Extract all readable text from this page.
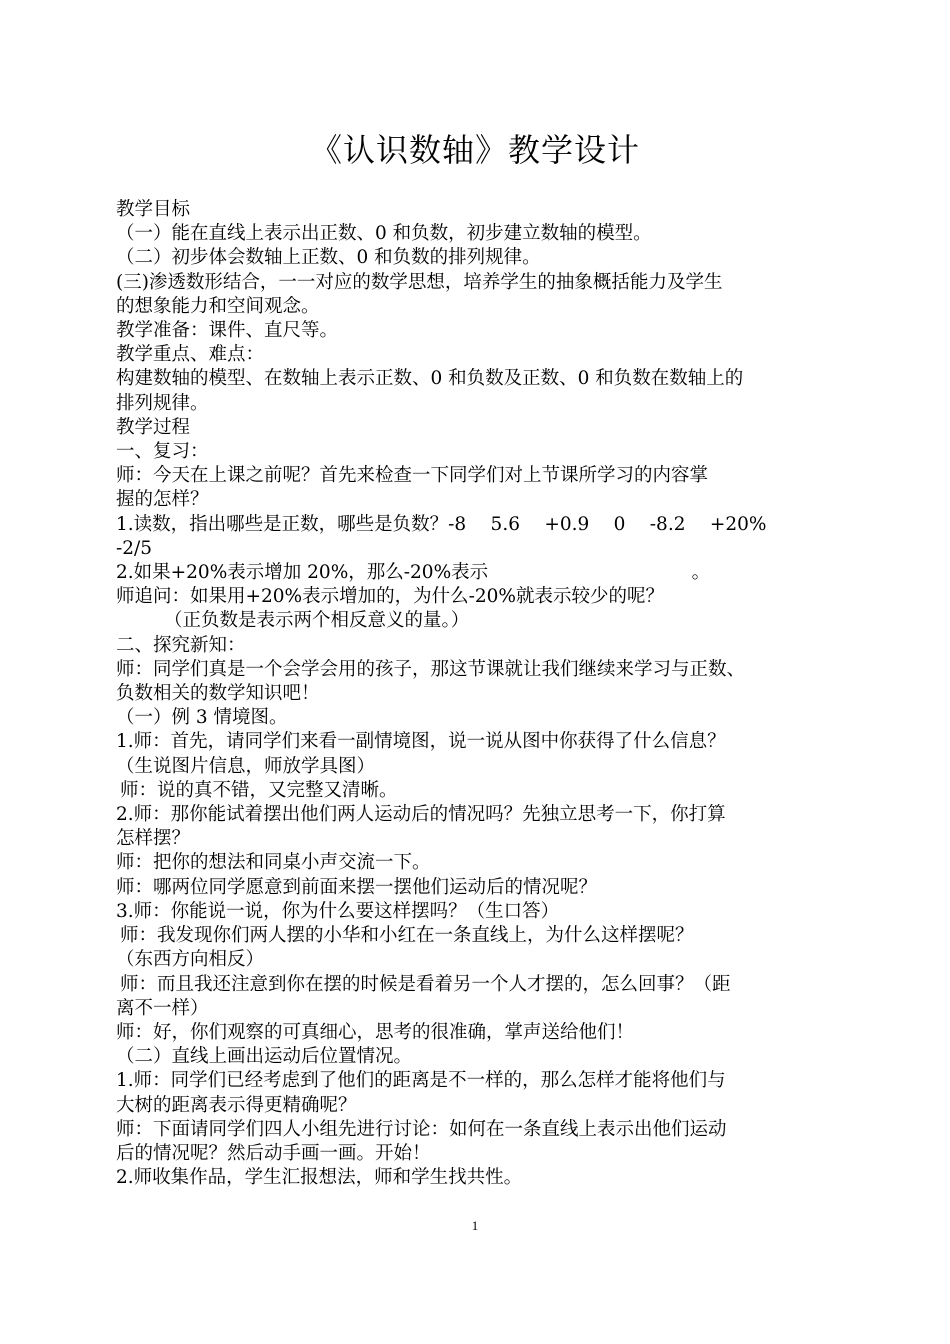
《认识数轴》教学设计

教学目标

（一）能在直线上表示出正数、0 和负数，初步建立数轴的模型。

（二）初步体会数轴上正数、0 和负数的排列规律。

(三)渗透数形结合，一一对应的数学思想，培养学生的抽象概括能力及学生

的想象能力和空间观念。

教学准备：课件、直尺等。

教学重点、难点：

构建数轴的模型、在数轴上表示正数、0 和负数及正数、0 和负数在数轴上的

排列规律。

教学过程

一、复习：

师：今天在上课之前呢？首先来检查一下同学们对上节课所学习的内容掌

握的怎样？

1.读数，指出哪些是正数，哪些是负数？-8　 5.6　 +0.9　 0　 -8.2　 +20%

-2/5

2.如果+20%表示增加 20%，那么-20%表示　　　　　　　　　　　。

师追问：如果用+20%表示增加的，为什么-20%就表示较少的呢？

（正负数是表示两个相反意义的量。）

二、探究新知：

师：同学们真是一个会学会用的孩子，那这节课就让我们继续来学习与正数、

负数相关的数学知识吧！

（一）例 3 情境图。

1.师：首先，请同学们来看一副情境图，说一说从图中你获得了什么信息？

（生说图片信息，师放学具图）

师：说的真不错，又完整又清晰。

2.师：那你能试着摆出他们两人运动后的情况吗？先独立思考一下，你打算

怎样摆？

师：把你的想法和同桌小声交流一下。

师：哪两位同学愿意到前面来摆一摆他们运动后的情况呢？

3.师：你能说一说，你为什么要这样摆吗？（生口答）

师：我发现你们两人摆的小华和小红在一条直线上，为什么这样摆呢？

（东西方向相反）

师：而且我还注意到你在摆的时候是看着另一个人才摆的，怎么回事？（距

离不一样）

师：好，你们观察的可真细心，思考的很准确，掌声送给他们！

（二）直线上画出运动后位置情况。

1.师：同学们已经考虑到了他们的距离是不一样的，那么怎样才能将他们与

大树的距离表示得更精确呢？

师：下面请同学们四人小组先进行讨论：如何在一条直线上表示出他们运动

后的情况呢？然后动手画一画。开始！

2.师收集作品，学生汇报想法，师和学生找共性。

1
